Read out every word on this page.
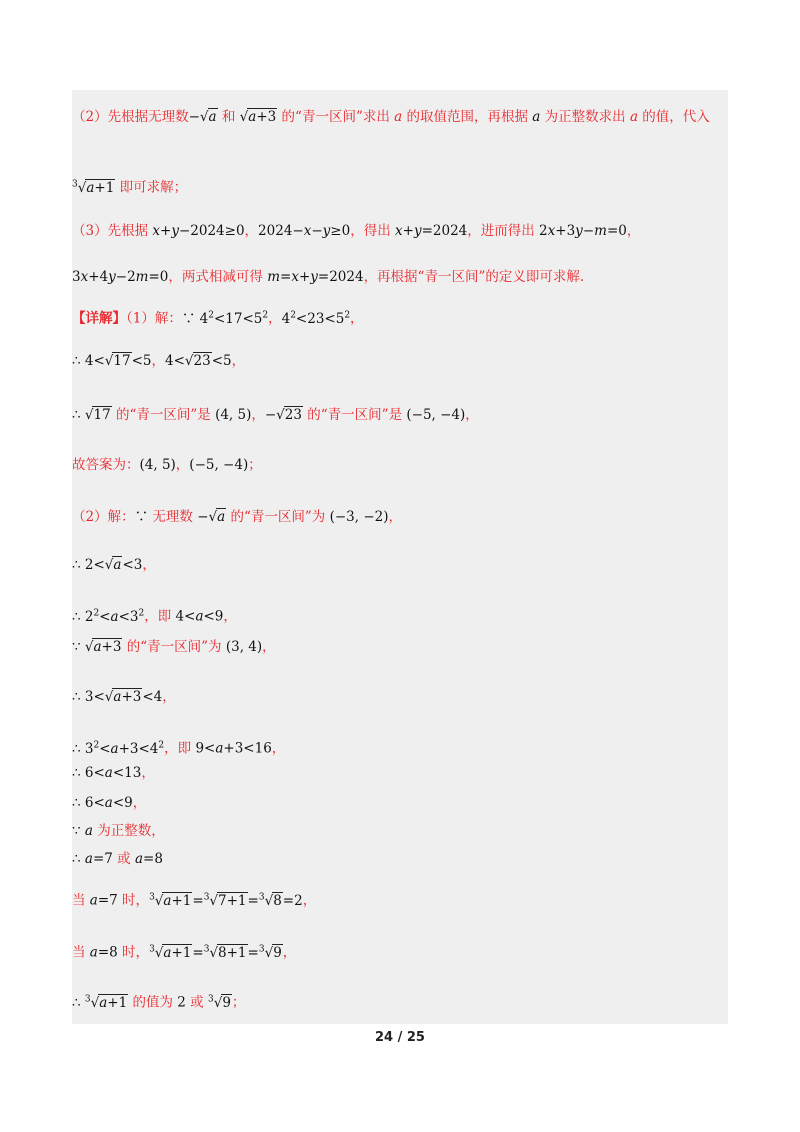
（2）先根据无理数−√a 和 √a+3 的“青一区间”求出 a 的取值范围，再根据 a 为正整数求出 a 的值，代入
$^3$√a+1 即可求解；
（3）先根据 x+y−2024≥0，2024−x−y≥0，得出 x+y=2024，进而得出 2x+3y−m=0，
3x+4y−2m=0，两式相减可得 m=x+y=2024，再根据“青一区间”的定义即可求解.
【详解】（1）解：∵ $4^2<17<5^2$，$4^2<23<5^2$，
∴ 4<√17<5，4<√23<5，
∴ √17 的“青一区间”是 (4, 5)，−√23 的“青一区间”是 (−5, −4)，
故答案为：(4, 5)，(−5, −4)；
（2）解：∵ 无理数 −√a 的“青一区间”为 (−3, −2)，
∴ 2<√a<3，
∴ $2^2<a<3^2$，即 4<a<9，
∵ √a+3 的“青一区间”为 (3, 4)，
∴ 3<√a+3<4，
∴ $3^2<a+3<4^2$，即 9<a+3<16，
∴ 6<a<13，
∴ 6<a<9，
∵ a 为正整数，
∴ a=7 或 a=8
当 a=7 时，$^3$√a+1=$^3$√7+1=$^3$√8=2，
当 a=8 时，$^3$√a+1=$^3$√8+1=$^3$√9，
∴ $^3$√a+1 的值为 2 或 $^3$√9；
24 / 25
